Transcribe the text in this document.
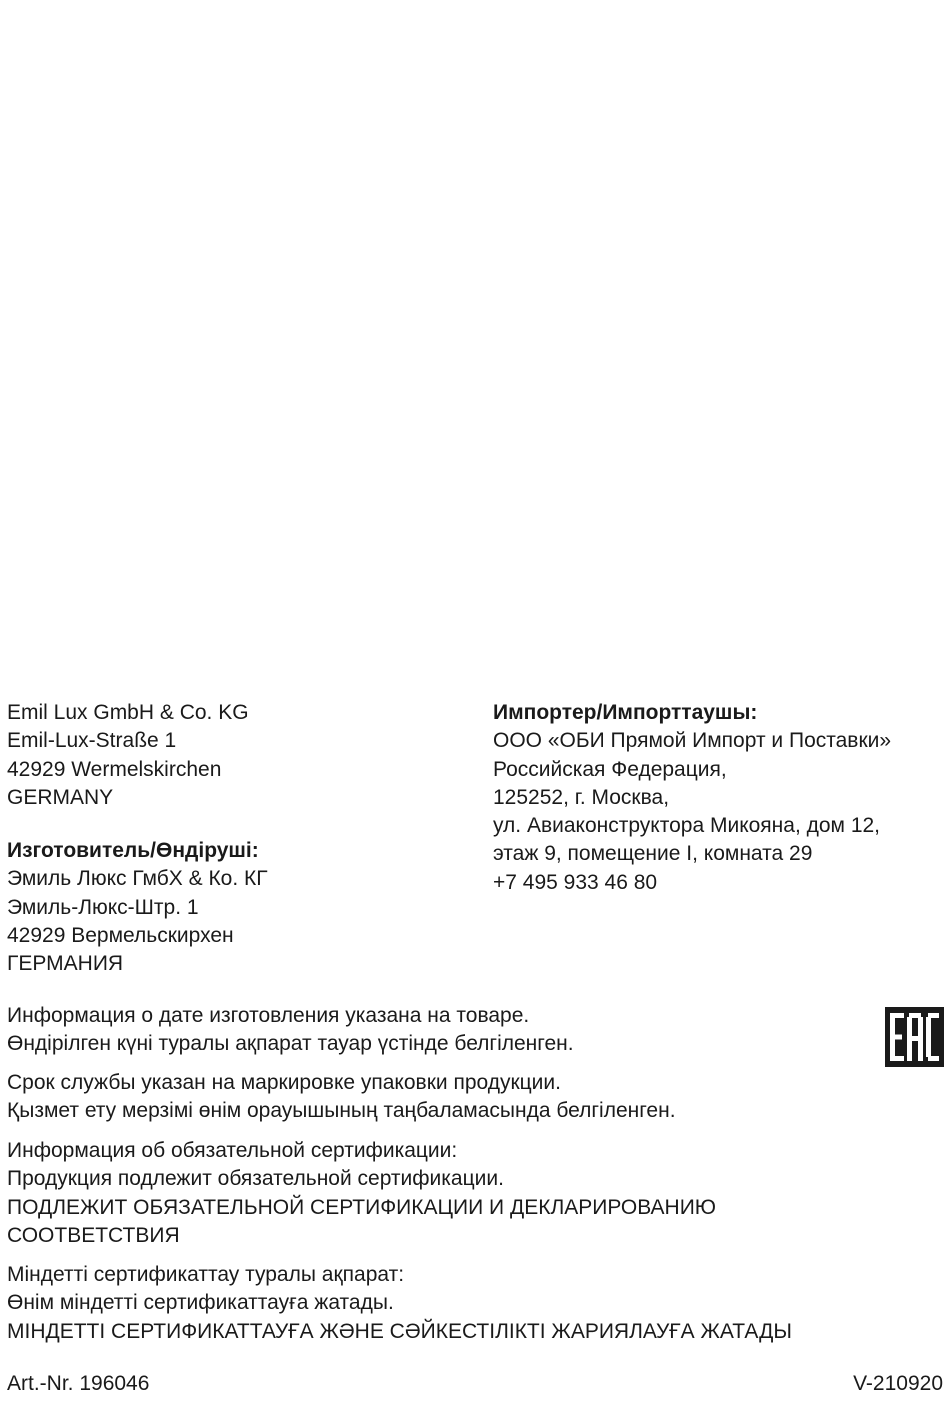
Emil Lux GmbH & Co. KG
Emil-Lux-Straße 1
42929 Wermelskirchen
GERMANY
Изготовитель/Өндіруші:
Эмиль Люкс ГмбХ & Ко. КГ
Эмиль-Люкс-Штр. 1
42929 Вермельскирхен
ГЕРМАНИЯ
Импортер/Импорттаушы:
ООО «ОБИ Прямой Импорт и Поставки»
Российская Федерация,
125252, г. Москва,
ул. Авиаконструктора Микояна, дом 12,
этаж 9, помещение I, комната 29
+7 495 933 46 80
Информация о дате изготовления указана на товаре.
Өндірілген күні туралы ақпарат тауар үстінде белгіленген.
Срок службы указан на маркировке упаковки продукции.
Қызмет ету мерзімі өнім орауышының таңбаламасында белгіленген.
Информация об обязательной сертификации:
Продукция подлежит обязательной сертификации.
ПОДЛЕЖИТ ОБЯЗАТЕЛЬНОЙ СЕРТИФИКАЦИИ И ДЕКЛАРИРОВАНИЮ
СООТВЕТСТВИЯ
Міндетті сертификаттау туралы ақпарат:
Өнім міндетті сертификаттауға жатады.
МІНДЕТТІ СЕРТИФИКАТТАУҒА ЖӘНЕ СӘЙКЕСТІЛІКТІ ЖАРИЯЛАУҒА ЖАТАДЫ
Art.-Nr. 196046	V-210920
